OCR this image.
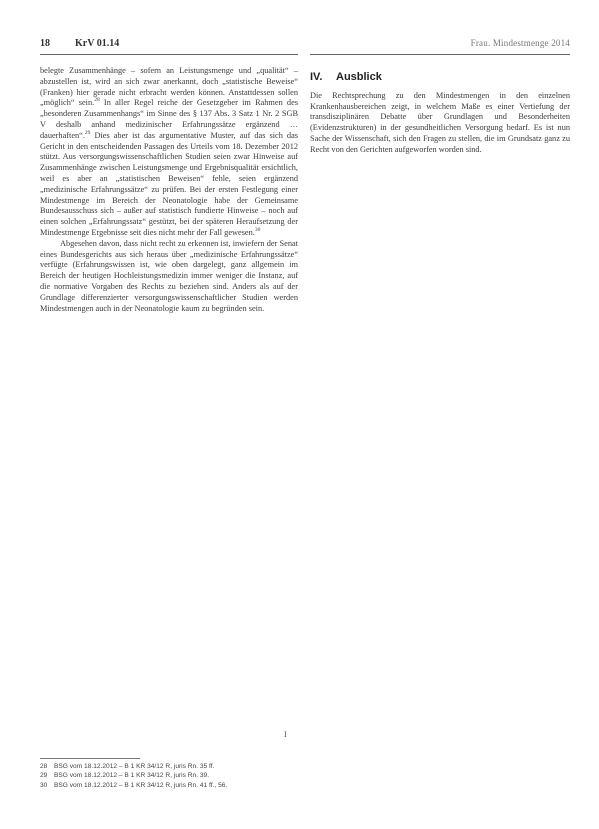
18	KrV 01.14	Frau. Mindestmenge 2014

belegte Zusammenhänge – sofern an Leistungsmenge und „qualität“ – abzustellen ist, wird an sich zwar anerkannt, doch „statistische Beweise“ (Franken) hier gerade nicht erbracht werden können. Anstattdessen sollen „möglich“ sein.$^{28}$ In aller Regel reiche der Gesetzgeber im Rahmen des „besonderen Zusammenhangs“ im Sinne des § 137 Abs. 3 Satz 1 Nr. 2 SGB V deshalb anhand medizinischer Erfahrungssätze ergänzend … dauerhaften“.$^{29}$ Dies aber ist das argumentative Muster, auf das sich das Gericht in den entscheidenden Passagen des Urteils vom 18. Dezember 2012 stützt. Aus versorgungswissenschaftlichen Studien seien zwar Hinweise auf Zusammenhänge zwischen Leistungsmenge und Ergebnisqualität ersichtlich, weil es aber an „statistischen Beweisen“ fehle, seien ergänzend „medizinische Erfahrungssätze“ zu prüfen. Bei der ersten Festlegung einer Mindestmenge im Bereich der Neonatologie habe der Gemeinsame Bundesausschuss sich – außer auf statistisch fundierte Hinweise – noch auf einen solchen „Erfahrungssatz“ gestützt, bei der späteren Heraufsetzung der Mindestmenge Ergebnisse seit dies nicht mehr der Fall gewesen.$^{30}$

Abgesehen davon, dass nicht recht zu erkennen ist, inwiefern der Senat eines Bundesgerichts aus sich heraus über „medizinische Erfahrungssätze“ verfügte (Erfahrungswissen ist, wie oben dargelegt, ganz allgemein im Bereich der heutigen Hochleistungsmedizin immer weniger die Instanz, auf die normative Vorgaben des Rechts zu beziehen sind. Anders als auf der Grundlage differenzierter versorgungswissenschaftlicher Studien werden Mindestmengen auch in der Neonatologie kaum zu begründen sein.

IV. Ausblick

Die Rechtsprechung zu den Mindestmengen in den einzelnen Krankenhausbereichen zeigt, in welchem Maße es einer Vertiefung der transdisziplinären Debatte über Grundlagen und Besonderheiten (Evidenzstrukturen) in der gesundheitlichen Versorgung bedarf. Es ist nun Sache der Wissenschaft, sich den Fragen zu stellen, die im Grundsatz ganz zu Recht von den Gerichten aufgeworfen worden sind.

I
28 BSG vom 18.12.2012 – B 1 KR 34/12 R, juris Rn. 35 ff.
29 BSG vom 18.12.2012 – B 1 KR 34/12 R, juris Rn. 39.
30 BSG vom 18.12.2012 – B 1 KR 34/12 R, juris Rn. 41 ff., 56.
